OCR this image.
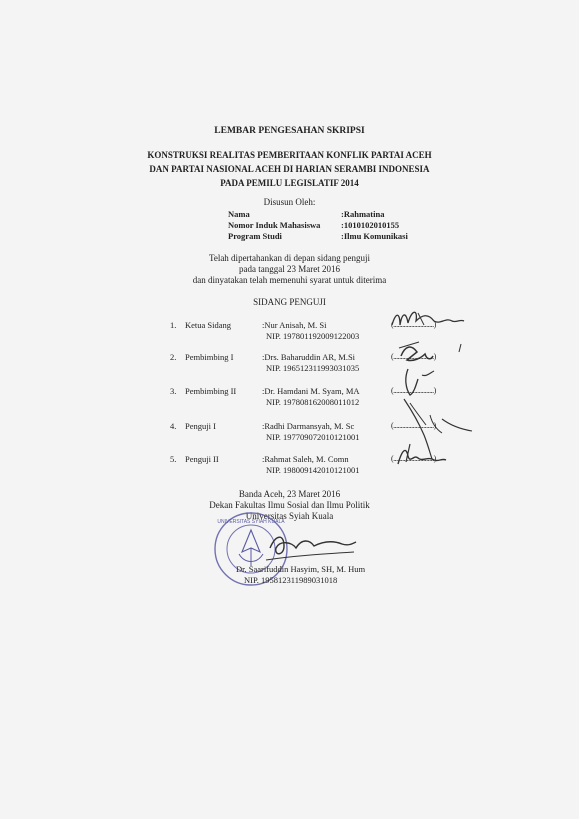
LEMBAR PENGESAHAN SKRIPSI
KONSTRUKSI REALITAS PEMBERITAAN KONFLIK PARTAI ACEH
DAN PARTAI NASIONAL ACEH DI HARIAN SERAMBI INDONESIA
PADA PEMILU LEGISLATIF 2014
Disusun Oleh:
Nama	:Rahmatina
Nomor Induk Mahasiswa :1010102010155
Program Studi	:Ilmu Komunikasi
Telah dipertahankan di depan sidang penguji
pada tanggal 23 Maret 2016
dan dinyatakan telah memenuhi syarat untuk diterima
SIDANG PENGUJI
1. Ketua Sidang	:Nur Anisah, M. Si
NIP. 197801192009122003
(...........................)
2. Pembimbing I	:Drs. Baharuddin AR, M.Si
NIP. 196512311993031035
(...........................)
3. Pembimbing II	:Dr. Hamdani M. Syam, MA
NIP. 197808162008011012
(...........................)
4. Penguji I	:Radhi Darmansyah, M. Sc
NIP. 197709072010121001
(...........................)
5. Penguji II	:Rahmat Saleh, M. Comn
NIP. 198009142010121001
(...........................)
Banda Aceh, 23 Maret 2016
Dekan Fakultas Ilmu Sosial dan Ilmu Politik
Universitas Syiah Kuala
UNIVERSITAS SYIAH KUALA
Dr. Saarifuddin Hasyim, SH, M. Hum
NIP. 195812311989031018
